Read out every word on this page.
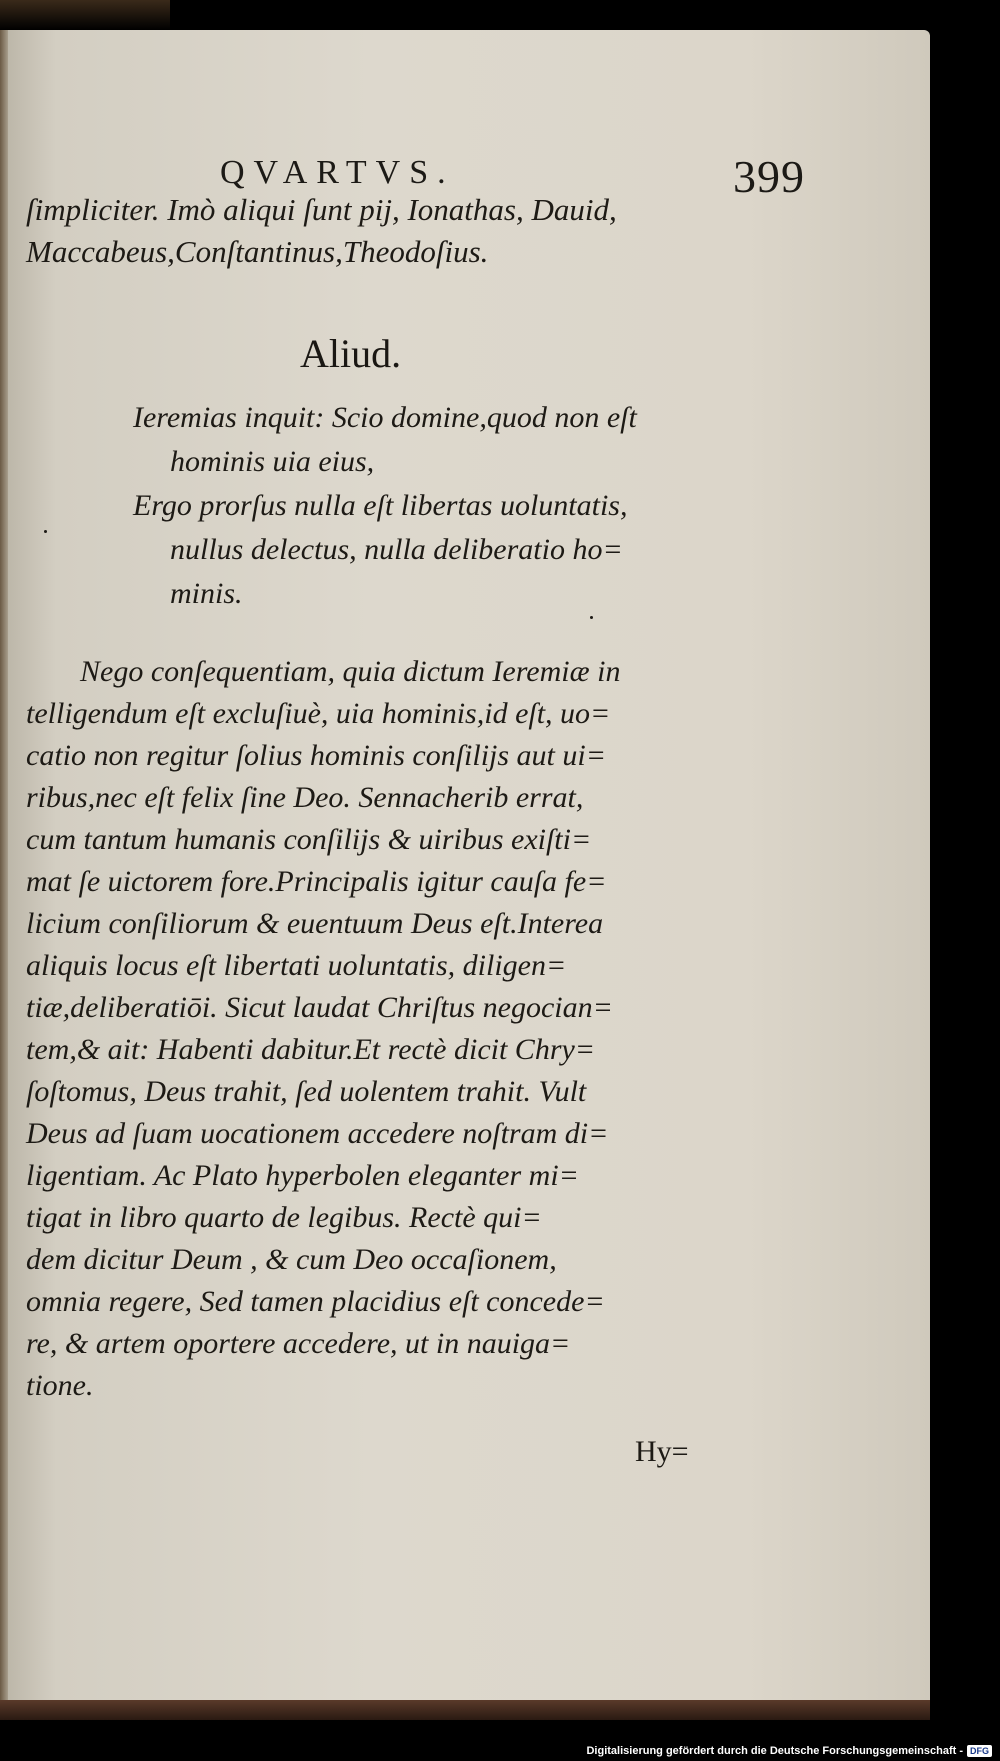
QVARTVS.	399
ſimpliciter. Imò aliqui ſunt pij, Ionathas, Dauid,
Maccabeus,Conſtantinus,Theodoſius.
Aliud.
Ieremias inquit: Scio domine,quod non eſt
hominis uia eius,
Ergo prorſus nulla eſt libertas uoluntatis,
nullus delectus, nulla deliberatio ho=
minis.
Nego conſequentiam, quia dictum Ieremiæ in
telligendum eſt excluſiuè, uia hominis,id eſt, uo=
catio non regitur ſolius hominis conſilijs aut ui=
ribus,nec eſt felix ſine Deo. Sennacherib errat,
cum tantum humanis conſilijs & uiribus exiſti=
mat ſe uictorem fore.Principalis igitur cauſa fe=
licium conſiliorum & euentuum Deus eſt.Interea
aliquis locus eſt libertati uoluntatis, diligen=
tiæ,deliberatiōi. Sicut laudat Chriſtus negocian=
tem,& ait: Habenti dabitur.Et rectè dicit Chry=
ſoſtomus, Deus trahit, ſed uolentem trahit. Vult
Deus ad ſuam uocationem accedere noſtram di=
ligentiam. Ac Plato hyperbolen eleganter mi=
tigat in libro quarto de legibus. Rectè qui=
dem dicitur Deum , & cum Deo occaſionem,
omnia regere, Sed tamen placidius eſt concede=
re, & artem oportere accedere, ut in nauiga=
tione.
Hy=
Digitalisierung gefördert durch die Deutsche Forschungsgemeinschaft - DFG
